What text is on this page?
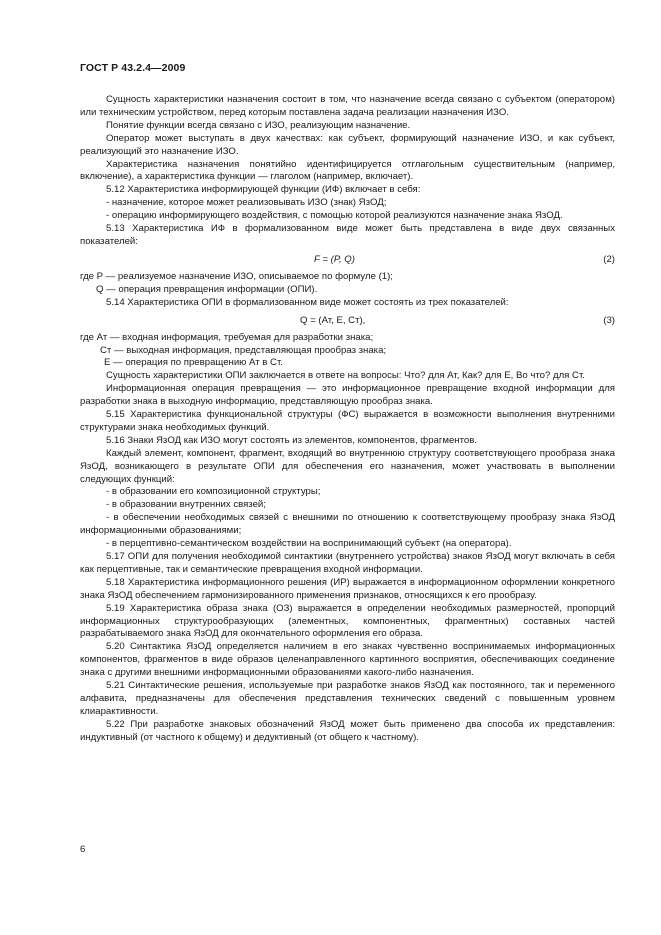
ГОСТ Р 43.2.4—2009

Сущность характеристики назначения состоит в том, что назначение всегда связано с субъектом (оператором) или техническим устройством, перед которым поставлена задача реализации назначения ИЗО.

Понятие функции всегда связано с ИЗО, реализующим назначение.

Оператор может выступать в двух качествах: как субъект, формирующий назначение ИЗО, и как субъект, реализующий это назначение ИЗО.

Характеристика назначения понятийно идентифицируется отглагольным существительным (например, включение), а характеристика функции — глаголом (например, включает).

5.12 Характеристика информирующей функции (ИФ) включает в себя:

- назначение, которое может реализовывать ИЗО (знак) ЯзОД;

- операцию информирующего воздействия, с помощью которой реализуются назначение знака ЯзОД.

5.13 Характеристика ИФ в формализованном виде может быть представлена в виде двух связанных показателей:

F = (P, Q)	(2)

где P — реализуемое назначение ИЗО, описываемое по формуле (1);

Q — операция превращения информации (ОПИ).

5.14 Характеристика ОПИ в формализованном виде может состоять из трех показателей:

Q = (Ат, Е, Ст),	(3)

где Ат — входная информация, требуемая для разработки знака;

Ст — выходная информация, представляющая прообраз знака;

Е — операция по превращению Ат в Ст.

Сущность характеристики ОПИ заключается в ответе на вопросы: Что? для Ат, Как? для Е, Во что? для Ст.

Информационная операция превращения — это информационное превращение входной информации для разработки знака в выходную информацию, представляющую прообраз знака.

5.15 Характеристика функциональной структуры (ФС) выражается в возможности выполнения внутренними структурами знака необходимых функций.

5.16 Знаки ЯзОД как ИЗО могут состоять из элементов, компонентов, фрагментов.

Каждый элемент, компонент, фрагмент, входящий во внутреннюю структуру соответствующего прообраза знака ЯзОД, возникающего в результате ОПИ для обеспечения его назначения, может участвовать в выполнении следующих функций:

- в образовании его композиционной структуры;

- в образовании внутренних связей;

- в обеспечении необходимых связей с внешними по отношению к соответствующему прообразу знака ЯзОД информационными образованиями;

- в перцептивно-семантическом воздействии на воспринимающий субъект (на оператора).

5.17 ОПИ для получения необходимой синтактики (внутреннего устройства) знаков ЯзОД могут включать в себя как перцептивные, так и семантические превращения входной информации.

5.18 Характеристика информационного решения (ИР) выражается в информационном оформлении конкретного знака ЯзОД обеспечением гармонизированного применения признаков, относящихся к его прообразу.

5.19 Характеристика образа знака (ОЗ) выражается в определении необходимых размерностей, пропорций информационных структурообразующих (элементных, компонентных, фрагментных) составных частей разрабатываемого знака ЯзОД для окончательного оформления его образа.

5.20 Синтактика ЯзОД определяется наличием в его знаках чувственно воспринимаемых информационных компонентов, фрагментов в виде образов целенаправленного картинного восприятия, обеспечивающих соединение знака с другими внешними информационными образованиями какого-либо назначения.

5.21 Синтактические решения, используемые при разработке знаков ЯзОД как постоянного, так и переменного алфавита, предназначены для обеспечения представления технических сведений с повышенным уровнем клиарактивности.

5.22 При разработке знаковых обозначений ЯзОД может быть применено два способа их представления: индуктивный (от частного к общему) и дедуктивный (от общего к частному).

6
